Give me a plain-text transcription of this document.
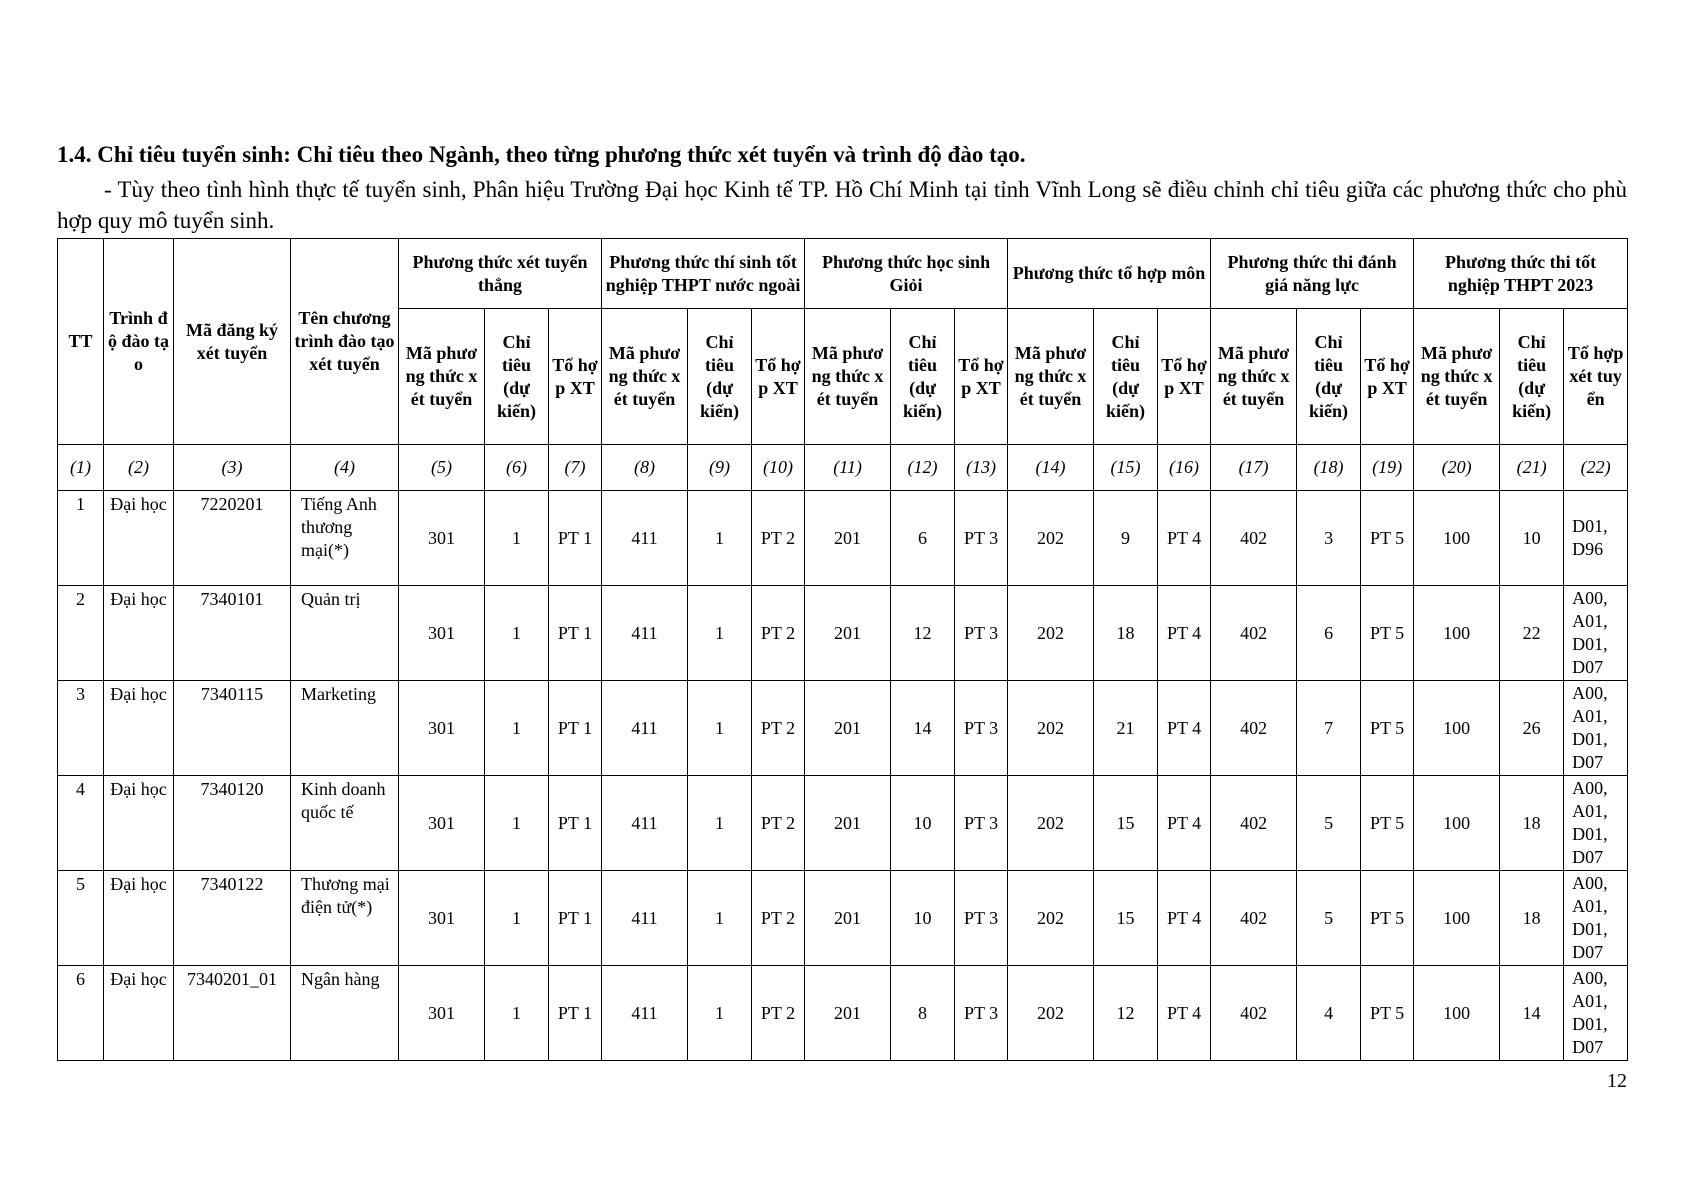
1.4. Chỉ tiêu tuyển sinh: Chỉ tiêu theo Ngành, theo từng phương thức xét tuyển và trình độ đào tạo.

- Tùy theo tình hình thực tế tuyển sinh, Phân hiệu Trường Đại học Kinh tế TP. Hồ Chí Minh tại tỉnh Vĩnh Long sẽ điều chỉnh chỉ tiêu giữa các phương thức cho phù hợp quy mô tuyển sinh.

TT	Trình độ đào tạo	Mã đăng ký xét tuyển	Tên chương trình đào tạo xét tuyển	Phương thức xét tuyển thẳng			Phương thức thí sinh tốt nghiệp THPT nước ngoài			Phương thức học sinh Giỏi			Phương thức tổ hợp môn			Phương thức thi đánh giá năng lực			Phương thức thi tốt nghiệp THPT 2023		
				Mã phương thức xét tuyển	Chỉ tiêu (dự kiến)	Tổ hợp XT	Mã phương thức xét tuyển	Chỉ tiêu (dự kiến)	Tổ hợp XT	Mã phương thức xét tuyển	Chỉ tiêu (dự kiến)	Tổ hợp XT	Mã phương thức xét tuyển	Chỉ tiêu (dự kiến)	Tổ hợp XT	Mã phương thức xét tuyển	Chỉ tiêu (dự kiến)	Tổ hợp XT	Mã phương thức xét tuyển	Chỉ tiêu (dự kiến)	Tổ hợp xét tuyển
(1)	(2)	(3)	(4)	(5)	(6)	(7)	(8)	(9)	(10)	(11)	(12)	(13)	(14)	(15)	(16)	(17)	(18)	(19)	(20)	(21)	(22)
1	Đại học	7220201	Tiếng Anh thương mại(*)	301	1	PT 1	411	1	PT 2	201	6	PT 3	202	9	PT 4	402	3	PT 5	100	10	D01, D96
2	Đại học	7340101	Quản trị	301	1	PT 1	411	1	PT 2	201	12	PT 3	202	18	PT 4	402	6	PT 5	100	22	A00, A01, D01, D07
3	Đại học	7340115	Marketing	301	1	PT 1	411	1	PT 2	201	14	PT 3	202	21	PT 4	402	7	PT 5	100	26	A00, A01, D01, D07
4	Đại học	7340120	Kinh doanh quốc tế	301	1	PT 1	411	1	PT 2	201	10	PT 3	202	15	PT 4	402	5	PT 5	100	18	A00, A01, D01, D07
5	Đại học	7340122	Thương mại điện tử(*)	301	1	PT 1	411	1	PT 2	201	10	PT 3	202	15	PT 4	402	5	PT 5	100	18	A00, A01, D01, D07
6	Đại học	7340201_01	Ngân hàng	301	1	PT 1	411	1	PT 2	201	8	PT 3	202	12	PT 4	402	4	PT 5	100	14	A00, A01, D01, D07
12
